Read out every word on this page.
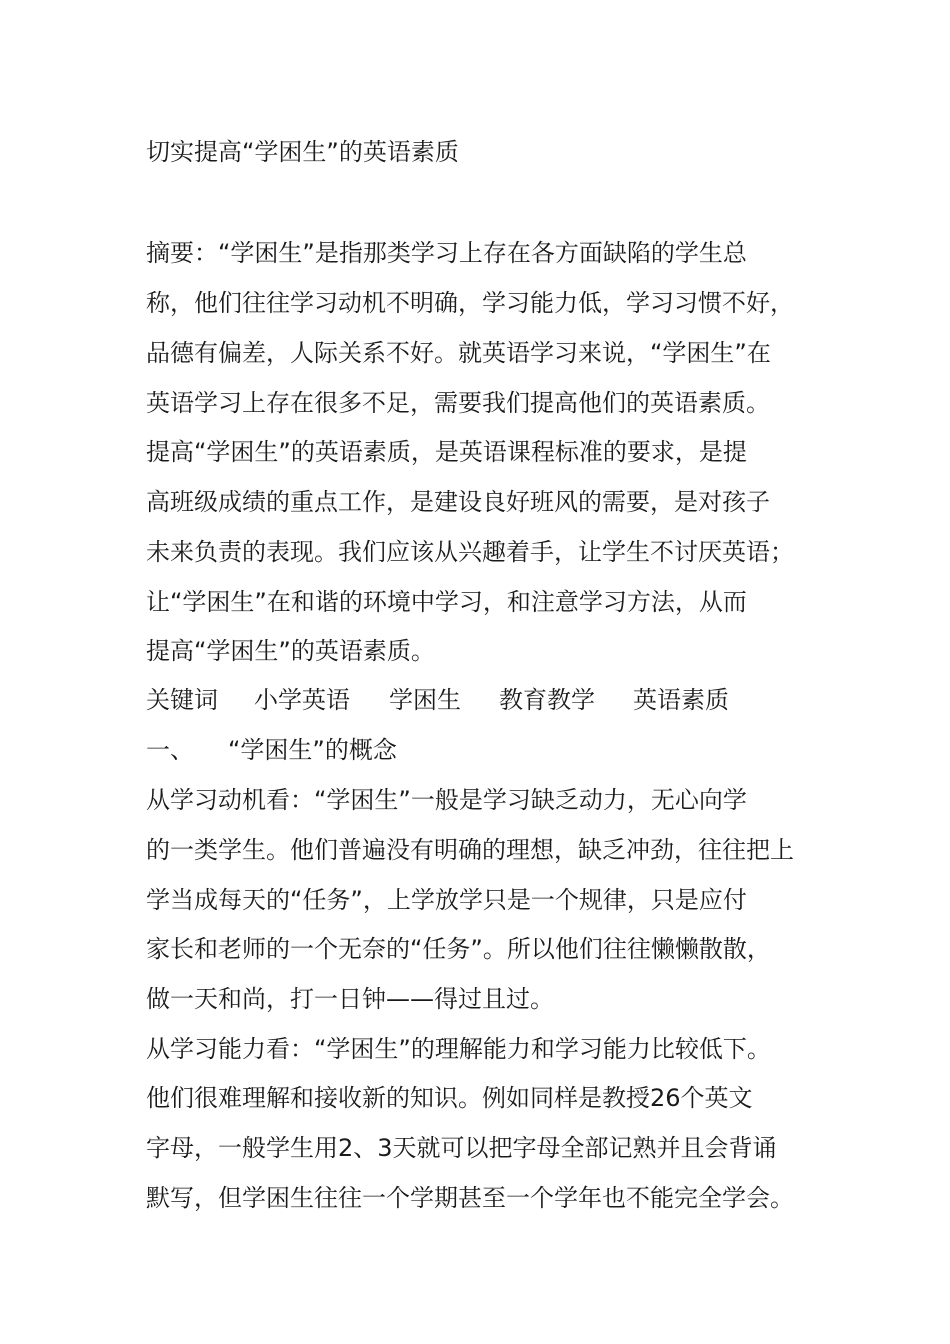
切实提高“学困生”的英语素质
摘要：“学困生”是指那类学习上存在各方面缺陷的学生总
称，他们往往学习动机不明确，学习能力低，学习习惯不好，
品德有偏差，人际关系不好。就英语学习来说，“学困生”在
英语学习上存在很多不足，需要我们提高他们的英语素质。
提高“学困生”的英语素质，是英语课程标准的要求，是提
高班级成绩的重点工作，是建设良好班风的需要，是对孩子
未来负责的表现。我们应该从兴趣着手，让学生不讨厌英语；
让“学困生”在和谐的环境中学习，和注意学习方法，从而
提高“学困生”的英语素质。
关键词 小学英语 学困生 教育教学 英语素质
一、 “学困生”的概念
从学习动机看：“学困生”一般是学习缺乏动力，无心向学
的一类学生。他们普遍没有明确的理想，缺乏冲劲，往往把上
学当成每天的“任务”，上学放学只是一个规律，只是应付
家长和老师的一个无奈的“任务”。所以他们往往懒懒散散，
做一天和尚，打一日钟——得过且过。
从学习能力看：“学困生”的理解能力和学习能力比较低下。
他们很难理解和接收新的知识。例如同样是教授26个英文
字母，一般学生用2、3天就可以把字母全部记熟并且会背诵
默写，但学困生往往一个学期甚至一个学年也不能完全学会。
